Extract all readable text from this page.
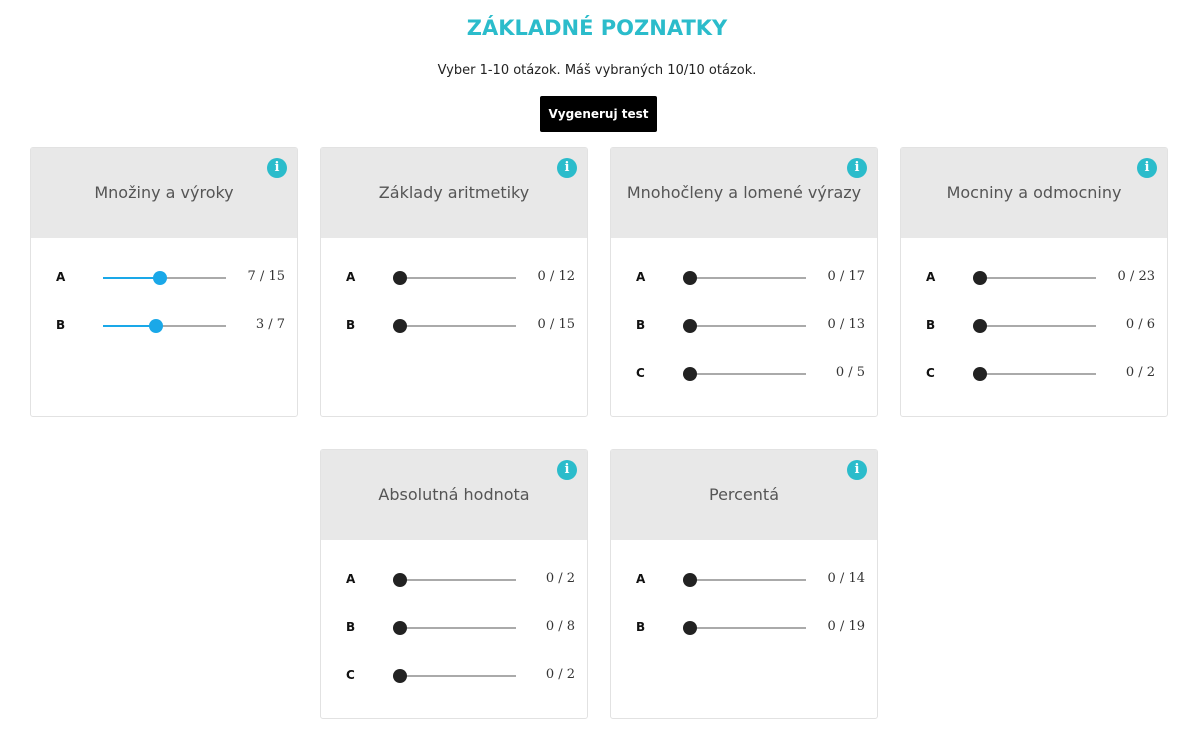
ZÁKLADNÉ POZNATKY
Vyber 1-10 otázok. Máš vybraných 10/10 otázok.
Vygeneruj test
Množiny a výroky
i
A	7 / 15
B	3 / 7
Základy aritmetiky
i
A	0 / 12
B	0 / 15
Mnohočleny a lomené výrazy
i
A	0 / 17
B	0 / 13
C	0 / 5
Mocniny a odmocniny
i
A	0 / 23
B	0 / 6
C	0 / 2
Absolutná hodnota
i
A	0 / 2
B	0 / 8
C	0 / 2
Percentá
i
A	0 / 14
B	0 / 19
